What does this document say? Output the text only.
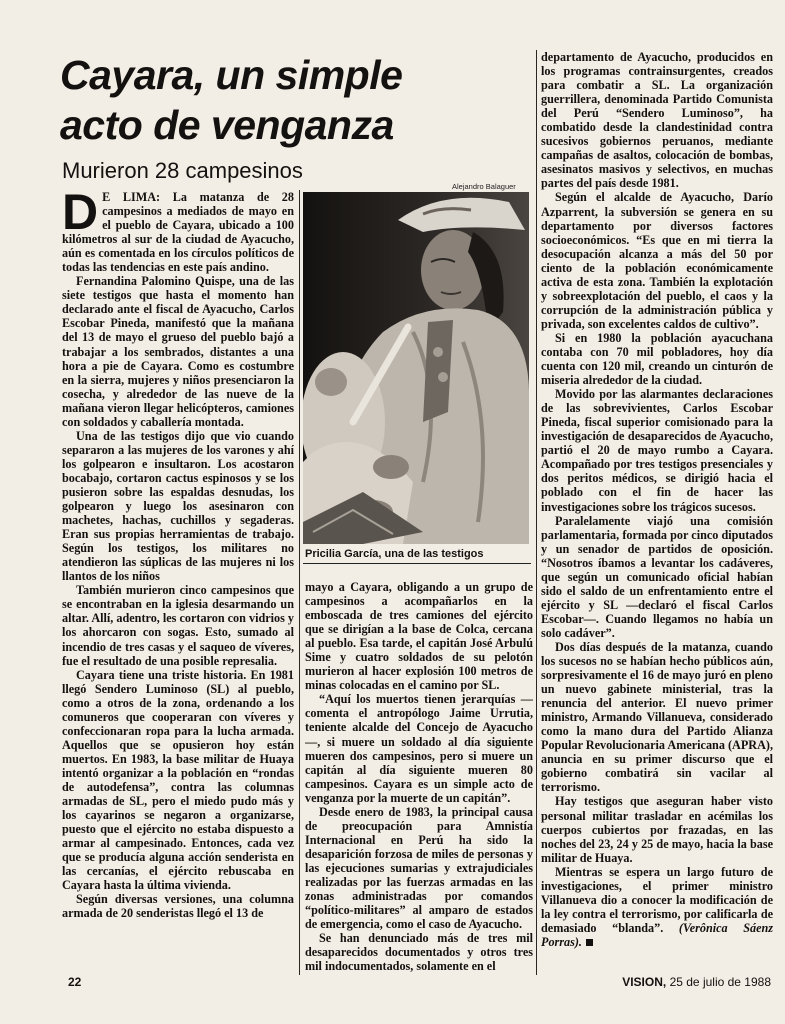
Cayara, un simple acto de venganza
Murieron 28 campesinos

D E LIMA: La matanza de 28 campesinos a mediados de mayo en el pueblo de Cayara, ubicado a 100 kilómetros al sur de la ciudad de Ayacucho, aún es comentada en los círculos políticos de todas las tendencias en este país andino.

Fernandina Palomino Quispe, una de las siete testigos que hasta el momento han declarado ante el fiscal de Ayacucho, Carlos Escobar Pineda, manifestó que la mañana del 13 de mayo el grueso del pueblo bajó a trabajar a los sembrados, distantes a una hora a pie de Cayara. Como es costumbre en la sierra, mujeres y niños presenciaron la cosecha, y alrededor de las nueve de la mañana vieron llegar helicópteros, camiones con soldados y caballería montada.

Una de las testigos dijo que vio cuando separaron a las mujeres de los varones y ahí los golpearon e insultaron. Los acostaron bocabajo, cortaron cactus espinosos y se los pusieron sobre las espaldas desnudas, los golpearon y luego los asesinaron con machetes, hachas, cuchillos y segaderas. Eran sus propias herramientas de trabajo. Según los testigos, los militares no atendieron las súplicas de las mujeres ni los llantos de los niños

También murieron cinco campesinos que se encontraban en la iglesia desarmando un altar. Allí, adentro, les cortaron con vidrios y los ahorcaron con sogas. Esto, sumado al incendio de tres casas y el saqueo de víveres, fue el resultado de una posible represalia.

Cayara tiene una triste historia. En 1981 llegó Sendero Luminoso (SL) al pueblo, como a otros de la zona, ordenando a los comuneros que cooperaran con víveres y confeccionaran ropa para la lucha armada. Aquellos que se opusieron hoy están muertos. En 1983, la base militar de Huaya intentó organizar a la población en “rondas de autodefensa”, contra las columnas armadas de SL, pero el miedo pudo más y los cayarinos se negaron a organizarse, puesto que el ejército no estaba dispuesto a armar al campesinado. Entonces, cada vez que se producía alguna acción senderista en las cercanías, el ejército rebuscaba en Cayara hasta la última vivienda.

Según diversas versiones, una columna armada de 20 senderistas llegó el 13 de

Alejandro Balaguer
Pricilia García, una de las testigos

mayo a Cayara, obligando a un grupo de campesinos a acompañarlos en la emboscada de tres camiones del ejército que se dirigían a la base de Colca, cercana al pueblo. Esa tarde, el capitán José Arbulú Sime y cuatro soldados de su pelotón murieron al hacer explosión 100 metros de minas colocadas en el camino por SL.

“Aquí los muertos tienen jerarquías —comenta el antropólogo Jaime Urrutia, teniente alcalde del Concejo de Ayacucho—, si muere un soldado al día siguiente mueren dos campesinos, pero si muere un capitán al día siguiente mueren 80 campesinos. Cayara es un simple acto de venganza por la muerte de un capitán”.

Desde enero de 1983, la principal causa de preocupación para Amnistía Internacional en Perú ha sido la desaparición forzosa de miles de personas y las ejecuciones sumarias y extrajudiciales realizadas por las fuerzas armadas en las zonas administradas por comandos “político-militares” al amparo de estados de emergencia, como el caso de Ayacucho.

Se han denunciado más de tres mil desaparecidos documentados y otros tres mil indocumentados, solamente en el

departamento de Ayacucho, producidos en los programas contrainsurgentes, creados para combatir a SL. La organización guerrillera, denominada Partido Comunista del Perú “Sendero Luminoso”, ha combatido desde la clandestinidad contra sucesivos gobiernos peruanos, mediante campañas de asaltos, colocación de bombas, asesinatos masivos y selectivos, en muchas partes del país desde 1981.

Según el alcalde de Ayacucho, Darío Azparrent, la subversión se genera en su departamento por diversos factores socioeconómicos. “Es que en mi tierra la desocupación alcanza a más del 50 por ciento de la población económicamente activa de esta zona. También la explotación y sobreexplotación del pueblo, el caos y la corrupción de la administración pública y privada, son excelentes caldos de cultivo”.

Si en 1980 la población ayacuchana contaba con 70 mil pobladores, hoy día cuenta con 120 mil, creando un cinturón de miseria alrededor de la ciudad.

Movido por las alarmantes declaraciones de las sobrevivientes, Carlos Escobar Pineda, fiscal superior comisionado para la investigación de desaparecidos de Ayacucho, partió el 20 de mayo rumbo a Cayara. Acompañado por tres testigos presenciales y dos peritos médicos, se dirigió hacia el poblado con el fin de hacer las investigaciones sobre los trágicos sucesos.

Paralelamente viajó una comisión parlamentaria, formada por cinco diputados y un senador de partidos de oposición. “Nosotros íbamos a levantar los cadáveres, que según un comunicado oficial habían sido el saldo de un enfrentamiento entre el ejército y SL —declaró el fiscal Carlos Escobar—. Cuando llegamos no había un solo cadáver”.

Dos días después de la matanza, cuando los sucesos no se habían hecho públicos aún, sorpresivamente el 16 de mayo juró en pleno un nuevo gabinete ministerial, tras la renuncia del anterior. El nuevo primer ministro, Armando Villanueva, considerado como la mano dura del Partido Alianza Popular Revolucionaria Americana (APRA), anuncia en su primer discurso que el gobierno combatirá sin vacilar al terrorismo.

Hay testigos que aseguran haber visto personal militar trasladar en acémilas los cuerpos cubiertos por frazadas, en las noches del 23, 24 y 25 de mayo, hacia la base militar de Huaya.

Mientras se espera un largo futuro de investigaciones, el primer ministro Villanueva dio a conocer la modificación de la ley contra el terrorismo, por calificarla de demasiado “blanda”. (Verônica Sáenz Porras).

22	VISION, 25 de julio de 1988
